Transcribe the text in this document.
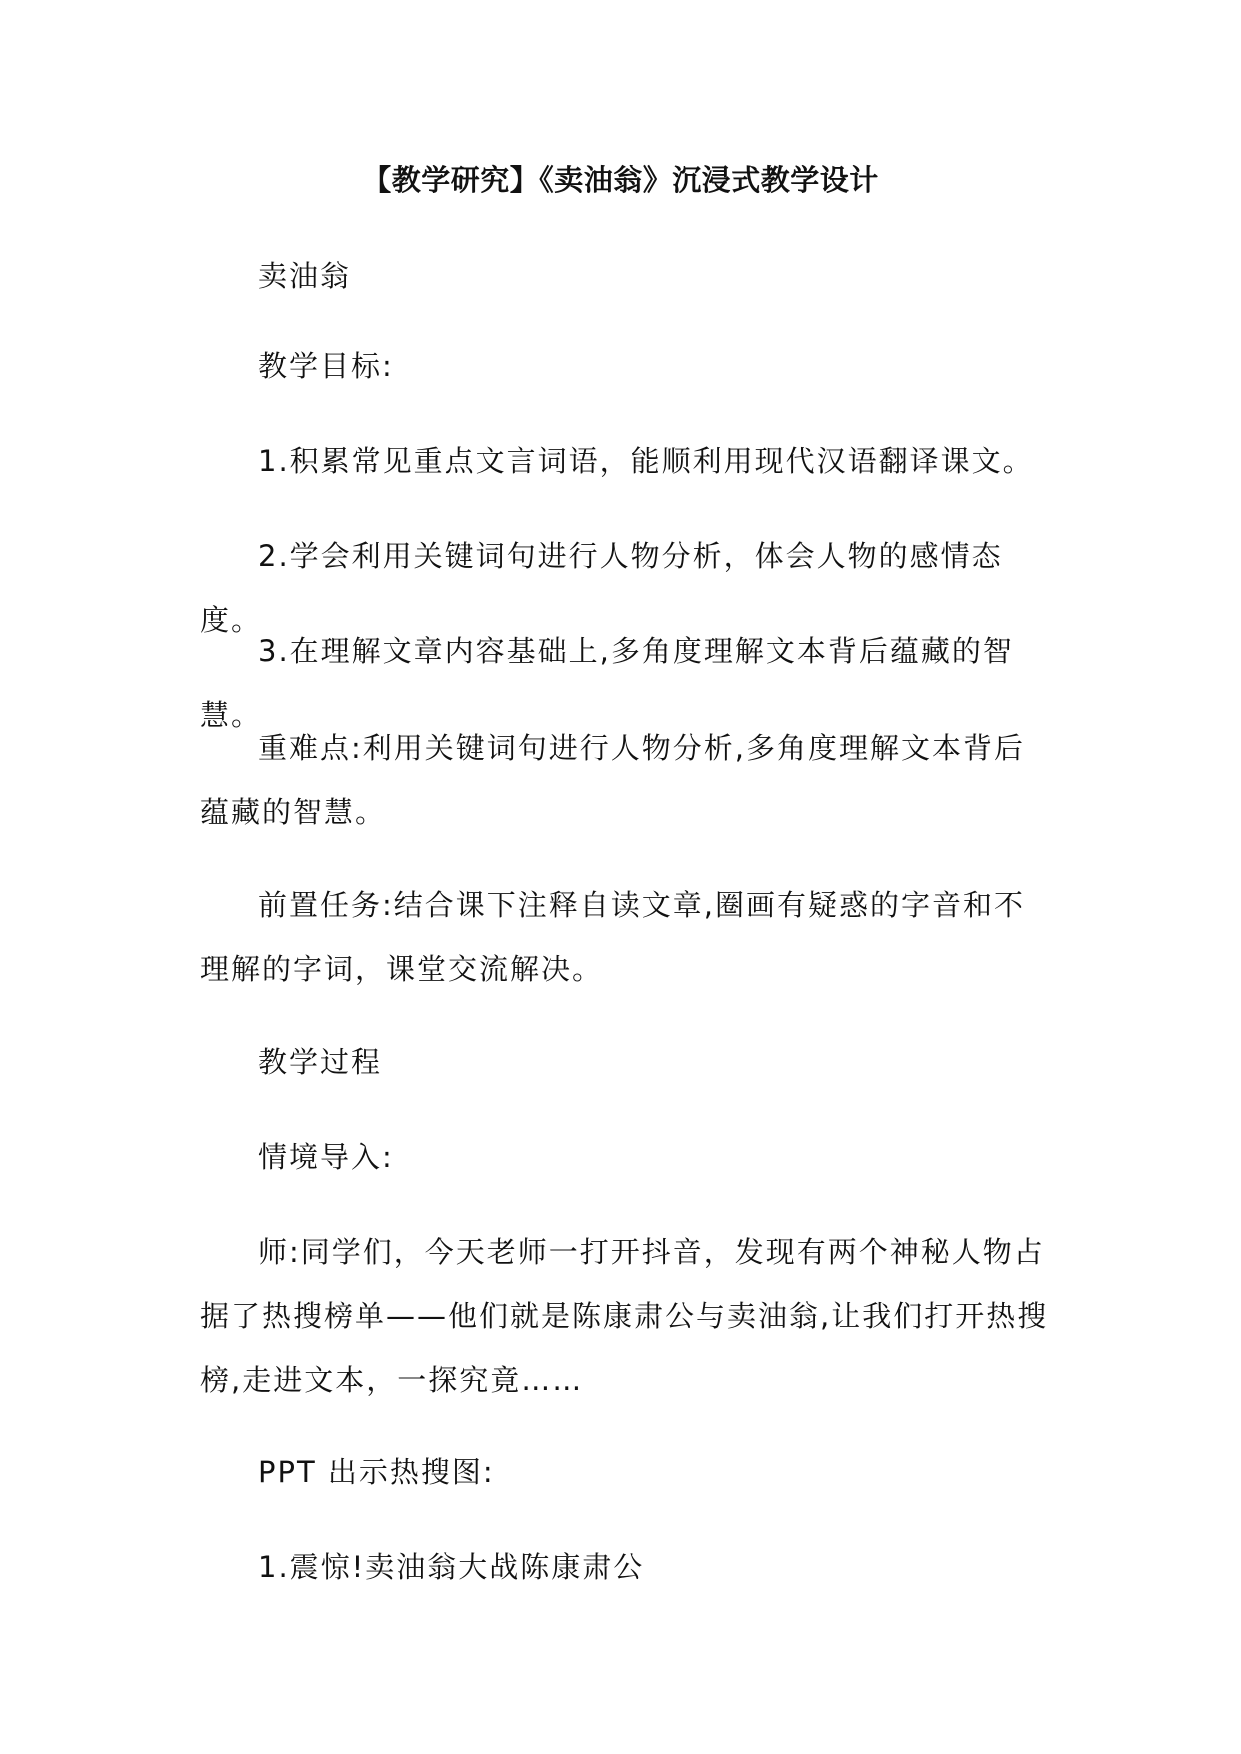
【教学研究】《卖油翁》沉浸式教学设计

卖油翁

教学目标:

1.积累常见重点文言词语，能顺利用现代汉语翻译课文。

2.学会利用关键词句进行人物分析，体会人物的感情态度。

3.在理解文章内容基础上,多角度理解文本背后蕴藏的智慧。

重难点:利用关键词句进行人物分析,多角度理解文本背后蕴藏的智慧。

前置任务:结合课下注释自读文章,圈画有疑惑的字音和不理解的字词，课堂交流解决。

教学过程

情境导入:

师:同学们，今天老师一打开抖音，发现有两个神秘人物占据了热搜榜单——他们就是陈康肃公与卖油翁,让我们打开热搜榜,走进文本，一探究竟……

PPT 出示热搜图:

1.震惊!卖油翁大战陈康肃公
